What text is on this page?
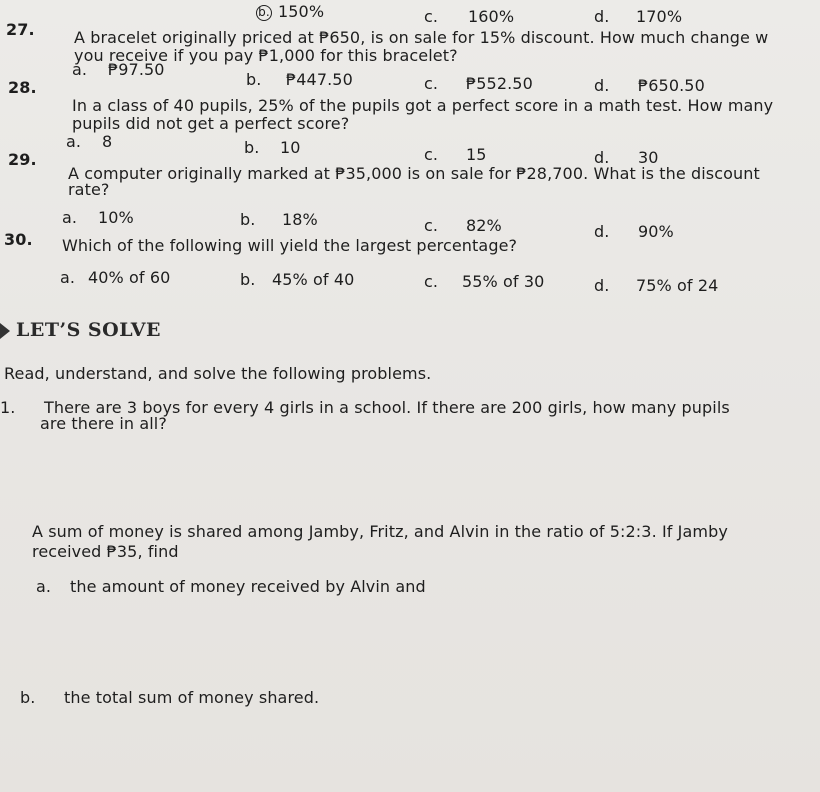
b. 150%	c. 160%	d. 170%
27. A bracelet originally priced at ₱650, is on sale for 15% discount. How much change w
you receive if you pay ₱1,000 for this bracelet?
a. ₱97.50
b. ₱447.50	c. ₱552.50	d. ₱650.50
28.
In a class of 40 pupils, 25% of the pupils got a perfect score in a math test. How many
pupils did not get a perfect score?
a. 8	b. 10	c. 15	d. 30
29.
A computer originally marked at ₱35,000 is on sale for ₱28,700. What is the discount
rate?
a. 10%	b. 18%	c. 82%	d. 90%
30. Which of the following will yield the largest percentage?
a. 40% of 60	b. 45% of 40	c. 55% of 30	d. 75% of 24
LET’S SOLVE
Read, understand, and solve the following problems.
1. There are 3 boys for every 4 girls in a school. If there are 200 girls, how many pupils
are there in all?
A sum of money is shared among Jamby, Fritz, and Alvin in the ratio of 5:2:3. If Jamby
received ₱35, find
a. the amount of money received by Alvin and
b. the total sum of money shared.
